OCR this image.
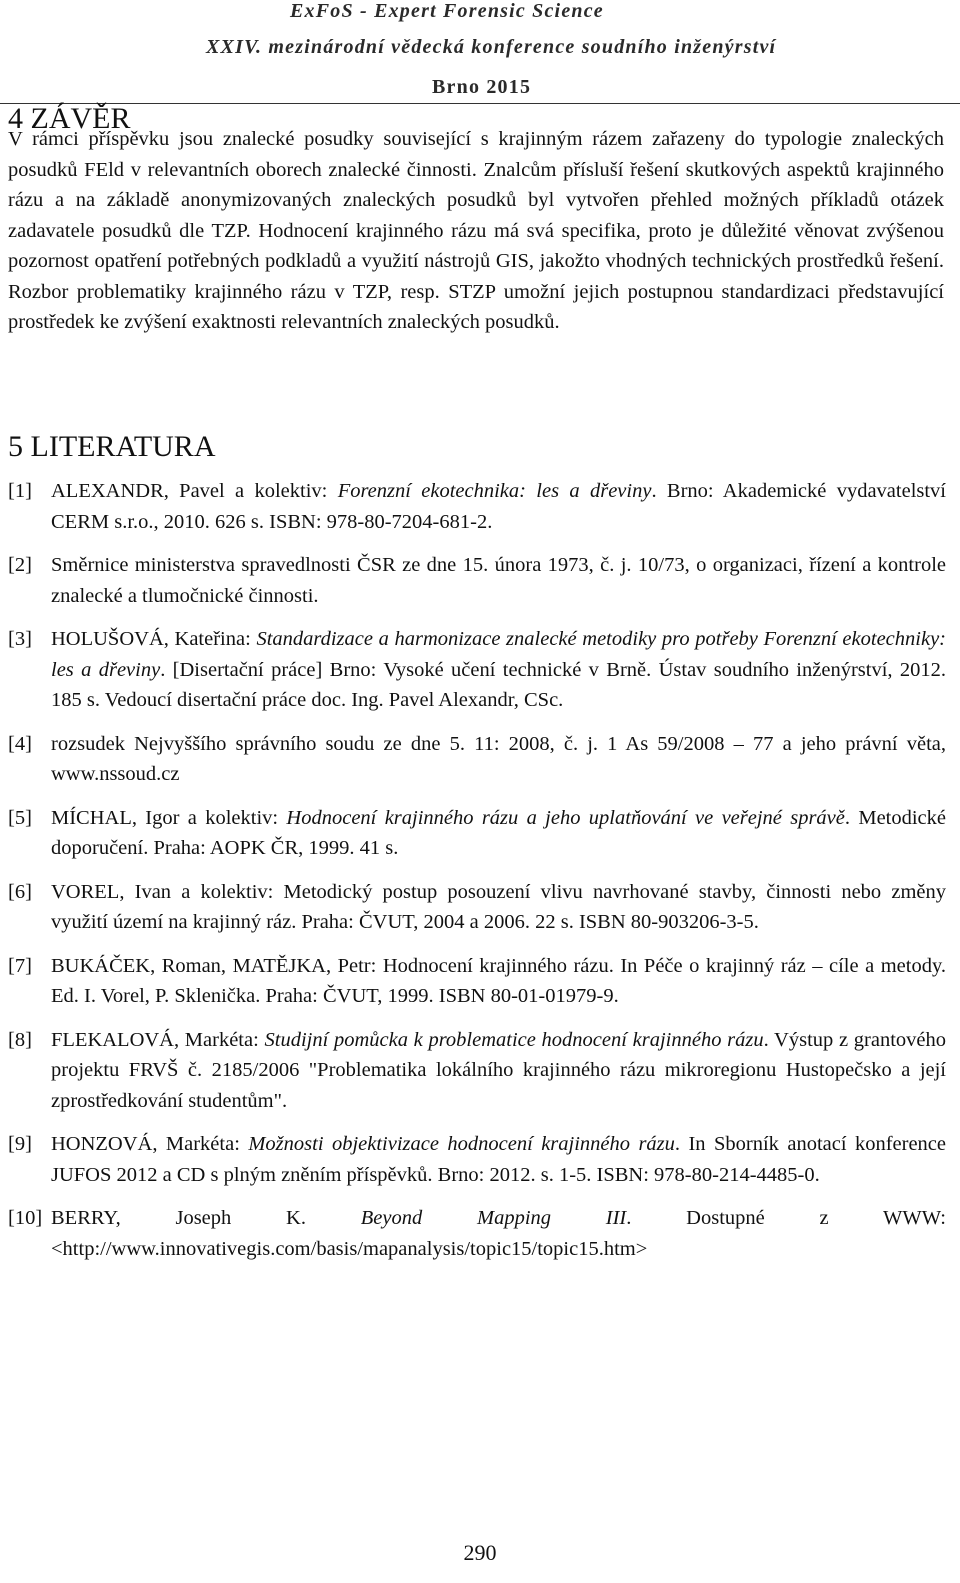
ExFoS - Expert Forensic Science
XXIV. mezinárodní vědecká konference soudního inženýrství
Brno 2015
4 ZÁVĚR
V rámci příspěvku jsou znalecké posudky související s krajinným rázem zařazeny do typologie znaleckých posudků FEld v relevantních oborech znalecké činnosti. Znalcům přísluší řešení skutkových aspektů krajinného rázu a na základě anonymizovaných znaleckých posudků byl vytvořen přehled možných příkladů otázek zadavatele posudků dle TZP. Hodnocení krajinného rázu má svá specifika, proto je důležité věnovat zvýšenou pozornost opatření potřebných podkladů a využití nástrojů GIS, jakožto vhodných technických prostředků řešení. Rozbor problematiky krajinného rázu v TZP, resp. STZP umožní jejich postupnou standardizaci představující prostředek ke zvýšení exaktnosti relevantních znaleckých posudků.
5 LITERATURA
[1] ALEXANDR, Pavel a kolektiv: Forenzní ekotechnika: les a dřeviny. Brno: Akademické vydavatelství CERM s.r.o., 2010. 626 s. ISBN: 978-80-7204-681-2.
[2] Směrnice ministerstva spravedlnosti ČSR ze dne 15. února 1973, č. j. 10/73, o organizaci, řízení a kontrole znalecké a tlumočnické činnosti.
[3] HOLUŠOVÁ, Kateřina: Standardizace a harmonizace znalecké metodiky pro potřeby Forenzní ekotechniky: les a dřeviny. [Disertační práce] Brno: Vysoké učení technické v Brně. Ústav soudního inženýrství, 2012. 185 s. Vedoucí disertační práce doc. Ing. Pavel Alexandr, CSc.
[4] rozsudek Nejvyššího správního soudu ze dne 5. 11: 2008, č. j. 1 As 59/2008 – 77 a jeho právní věta, www.nssoud.cz
[5] MÍCHAL, Igor a kolektiv: Hodnocení krajinného rázu a jeho uplatňování ve veřejné správě. Metodické doporučení. Praha: AOPK ČR, 1999. 41 s.
[6] VOREL, Ivan a kolektiv: Metodický postup posouzení vlivu navrhované stavby, činnosti nebo změny využití území na krajinný ráz. Praha: ČVUT, 2004 a 2006. 22 s. ISBN 80-903206-3-5.
[7] BUKÁČEK, Roman, MATĚJKA, Petr: Hodnocení krajinného rázu. In Péče o krajinný ráz – cíle a metody. Ed. I. Vorel, P. Sklenička. Praha: ČVUT, 1999. ISBN 80-01-01979-9.
[8] FLEKALOVÁ, Markéta: Studijní pomůcka k problematice hodnocení krajinného rázu. Výstup z grantového projektu FRVŠ č. 2185/2006 "Problematika lokálního krajinného rázu mikroregionu Hustopečsko a její zprostředkování studentům".
[9] HONZOVÁ, Markéta: Možnosti objektivizace hodnocení krajinného rázu. In Sborník anotací konference JUFOS 2012 a CD s plným zněním příspěvků. Brno: 2012. s. 1-5. ISBN: 978-80-214-4485-0.
[10] BERRY, Joseph K. Beyond Mapping III. Dostupné z WWW: <http://www.innovativegis.com/basis/mapanalysis/topic15/topic15.htm>
290
